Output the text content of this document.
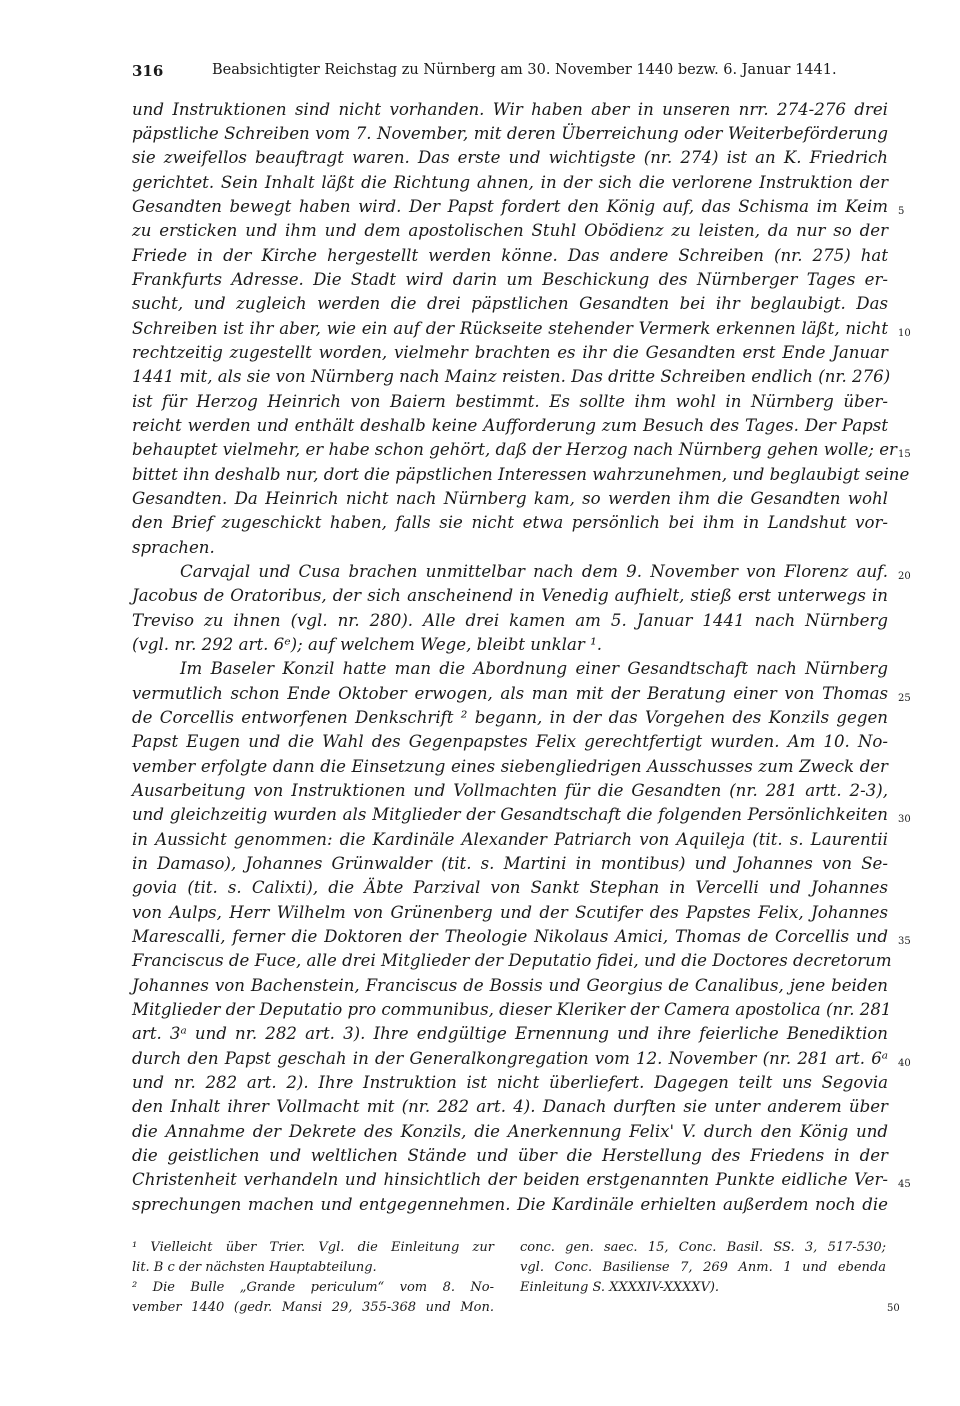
316	Beabsichtigter Reichstag zu Nürnberg am 30. November 1440 bezw. 6. Januar 1441.
und Instruktionen sind nicht vorhanden. Wir haben aber in unseren nrr. 274-276 drei
päpstliche Schreiben vom 7. November, mit deren Überreichung oder Weiterbeförderung
sie zweifellos beauftragt waren. Das erste und wichtigste (nr. 274) ist an K. Friedrich
gerichtet. Sein Inhalt läßt die Richtung ahnen, in der sich die verlorene Instruktion der
Gesandten bewegt haben wird. Der Papst fordert den König auf, das Schisma im Keim
zu ersticken und ihm und dem apostolischen Stuhl Obödienz zu leisten, da nur so der
Friede in der Kirche hergestellt werden könne. Das andere Schreiben (nr. 275) hat
Frankfurts Adresse. Die Stadt wird darin um Beschickung des Nürnberger Tages er-
sucht, und zugleich werden die drei päpstlichen Gesandten bei ihr beglaubigt. Das
Schreiben ist ihr aber, wie ein auf der Rückseite stehender Vermerk erkennen läßt, nicht
rechtzeitig zugestellt worden, vielmehr brachten es ihr die Gesandten erst Ende Januar
1441 mit, als sie von Nürnberg nach Mainz reisten. Das dritte Schreiben endlich (nr. 276)
ist für Herzog Heinrich von Baiern bestimmt. Es sollte ihm wohl in Nürnberg über-
reicht werden und enthält deshalb keine Aufforderung zum Besuch des Tages. Der Papst
behauptet vielmehr, er habe schon gehört, daß der Herzog nach Nürnberg gehen wolle; er
bittet ihn deshalb nur, dort die päpstlichen Interessen wahrzunehmen, und beglaubigt seine
Gesandten. Da Heinrich nicht nach Nürnberg kam, so werden ihm die Gesandten wohl
den Brief zugeschickt haben, falls sie nicht etwa persönlich bei ihm in Landshut vor-
sprachen.
Carvajal und Cusa brachen unmittelbar nach dem 9. November von Florenz auf.
Jacobus de Oratoribus, der sich anscheinend in Venedig aufhielt, stieß erst unterwegs in
Treviso zu ihnen (vgl. nr. 280). Alle drei kamen am 5. Januar 1441 nach Nürnberg
(vgl. nr. 292 art. 6ᵉ); auf welchem Wege, bleibt unklar ¹.
Im Baseler Konzil hatte man die Abordnung einer Gesandtschaft nach Nürnberg
vermutlich schon Ende Oktober erwogen, als man mit der Beratung einer von Thomas
de Corcellis entworfenen Denkschrift ² begann, in der das Vorgehen des Konzils gegen
Papst Eugen und die Wahl des Gegenpapstes Felix gerechtfertigt wurden. Am 10. No-
vember erfolgte dann die Einsetzung eines siebengliedrigen Ausschusses zum Zweck der
Ausarbeitung von Instruktionen und Vollmachten für die Gesandten (nr. 281 artt. 2-3),
und gleichzeitig wurden als Mitglieder der Gesandtschaft die folgenden Persönlichkeiten
in Aussicht genommen: die Kardinäle Alexander Patriarch von Aquileja (tit. s. Laurentii
in Damaso), Johannes Grünwalder (tit. s. Martini in montibus) und Johannes von Se-
govia (tit. s. Calixti), die Äbte Parzival von Sankt Stephan in Vercelli und Johannes
von Aulps, Herr Wilhelm von Grünenberg und der Scutifer des Papstes Felix, Johannes
Marescalli, ferner die Doktoren der Theologie Nikolaus Amici, Thomas de Corcellis und
Franciscus de Fuce, alle drei Mitglieder der Deputatio fidei, und die Doctores decretorum
Johannes von Bachenstein, Franciscus de Bossis und Georgius de Canalibus, jene beiden
Mitglieder der Deputatio pro communibus, dieser Kleriker der Camera apostolica (nr. 281
art. 3ᵃ und nr. 282 art. 3). Ihre endgültige Ernennung und ihre feierliche Benediktion
durch den Papst geschah in der Generalkongregation vom 12. November (nr. 281 art. 6ᵃ
und nr. 282 art. 2). Ihre Instruktion ist nicht überliefert. Dagegen teilt uns Segovia
den Inhalt ihrer Vollmacht mit (nr. 282 art. 4). Danach durften sie unter anderem über
die Annahme der Dekrete des Konzils, die Anerkennung Felix' V. durch den König und
die geistlichen und weltlichen Stände und über die Herstellung des Friedens in der
Christenheit verhandeln und hinsichtlich der beiden erstgenannten Punkte eidliche Ver-
sprechungen machen und entgegennehmen. Die Kardinäle erhielten außerdem noch die
5
10
15
20
25
30
35
40
45
¹ Vielleicht über Trier. Vgl. die Einleitung zur
lit. B c der nächsten Hauptabteilung.
² Die Bulle „Grande periculum“ vom 8. No-
vember 1440 (gedr. Mansi 29, 355-368 und Mon.
conc. gen. saec. 15, Conc. Basil. SS. 3, 517-530;
vgl. Conc. Basiliense 7, 269 Anm. 1 und ebenda
Einleitung S. XXXXIV-XXXXV).
50
